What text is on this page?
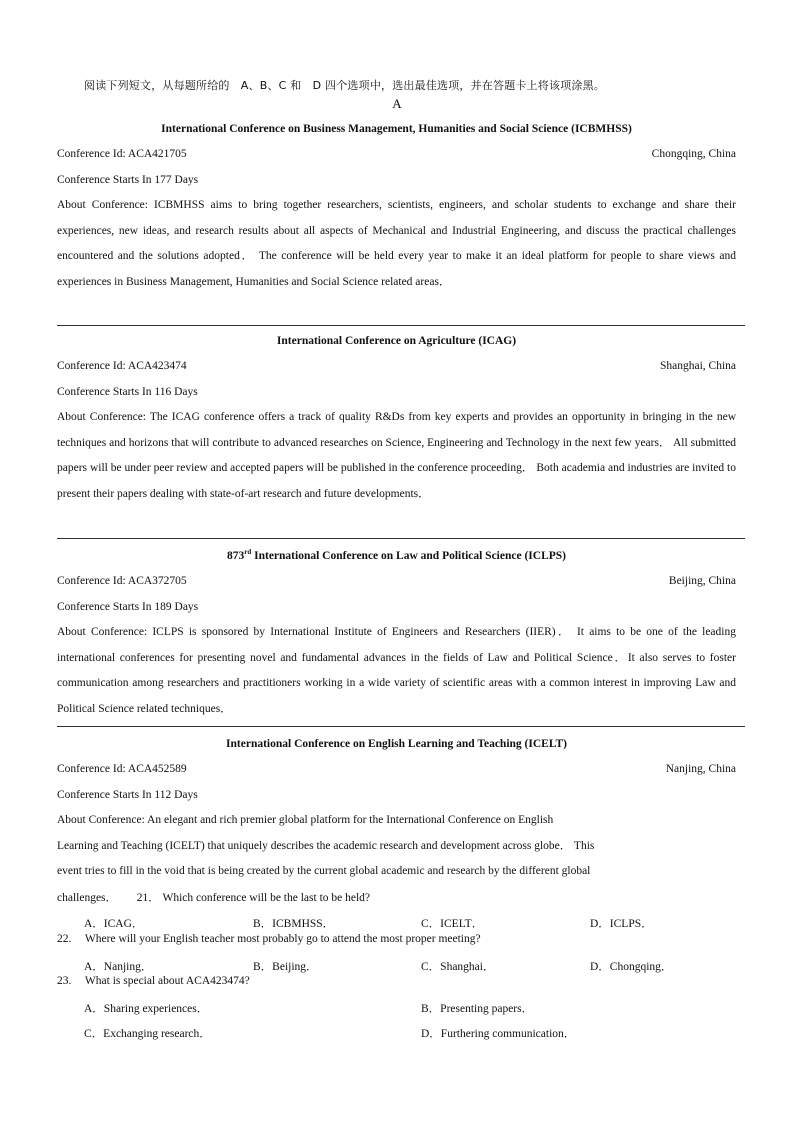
阅读下列短文，从每题所给的　A、B、C 和　D 四个选项中，选出最佳选项，并在答题卡上将该项涂黑。
A
International Conference on Business Management, Humanities and Social Science (ICBMHSS)
Conference Id: ACA421705	Chongqing, China
Conference Starts In 177 Days
About Conference: ICBMHSS aims to bring together researchers, scientists, engineers, and scholar students to exchange and share their experiences, new ideas, and research results about all aspects of Mechanical and Industrial Engineering, and discuss the practical challenges encountered and the solutions adopted． The conference will be held every year to make it an ideal platform for people to share views and experiences in Business Management, Humanities and Social Science related areas．
International Conference on Agriculture (ICAG)
Conference Id: ACA423474	Shanghai, China
Conference Starts In 116 Days
About Conference: The ICAG conference offers a track of quality R&Ds from key experts and provides an opportunity in bringing in the new techniques and horizons that will contribute to advanced researches on Science, Engineering and Technology in the next few years． All submitted papers will be under peer review and accepted papers will be published in the conference proceeding． Both academia and industries are invited to present their papers dealing with state-of-art research and future developments．
873rd International Conference on Law and Political Science (ICLPS)
Conference Id: ACA372705	Beijing, China
Conference Starts In 189 Days
About Conference: ICLPS is sponsored by International Institute of Engineers and Researchers (IIER)． It aims to be one of the leading international conferences for presenting novel and fundamental advances in the fields of Law and Political Science．It also serves to foster communication among researchers and practitioners working in a wide variety of scientific areas with a common interest in improving Law and Political Science related techniques．
International Conference on English Learning and Teaching (ICELT)
Conference Id: ACA452589	Nanjing, China
Conference Starts In 112 Days
About Conference: An elegant and rich premier global platform for the International Conference on English Learning and Teaching (ICELT) that uniquely describes the academic research and development across globe． This event tries to fill in the void that is being created by the current global academic and research by the different global
challenges． 21． Which conference will be the last to be held?
A．ICAG．	B．ICBMHSS．	C．ICELT．	D．ICLPS．
22. Where will your English teacher most probably go to attend the most proper meeting?
A．Nanjing．	B．Beijing．	C．Shanghai．	D．Chongqing．
23. What is special about ACA423474?
A．Sharing experiences．	B．Presenting papers．
C．Exchanging research．	D．Furthering communication．
